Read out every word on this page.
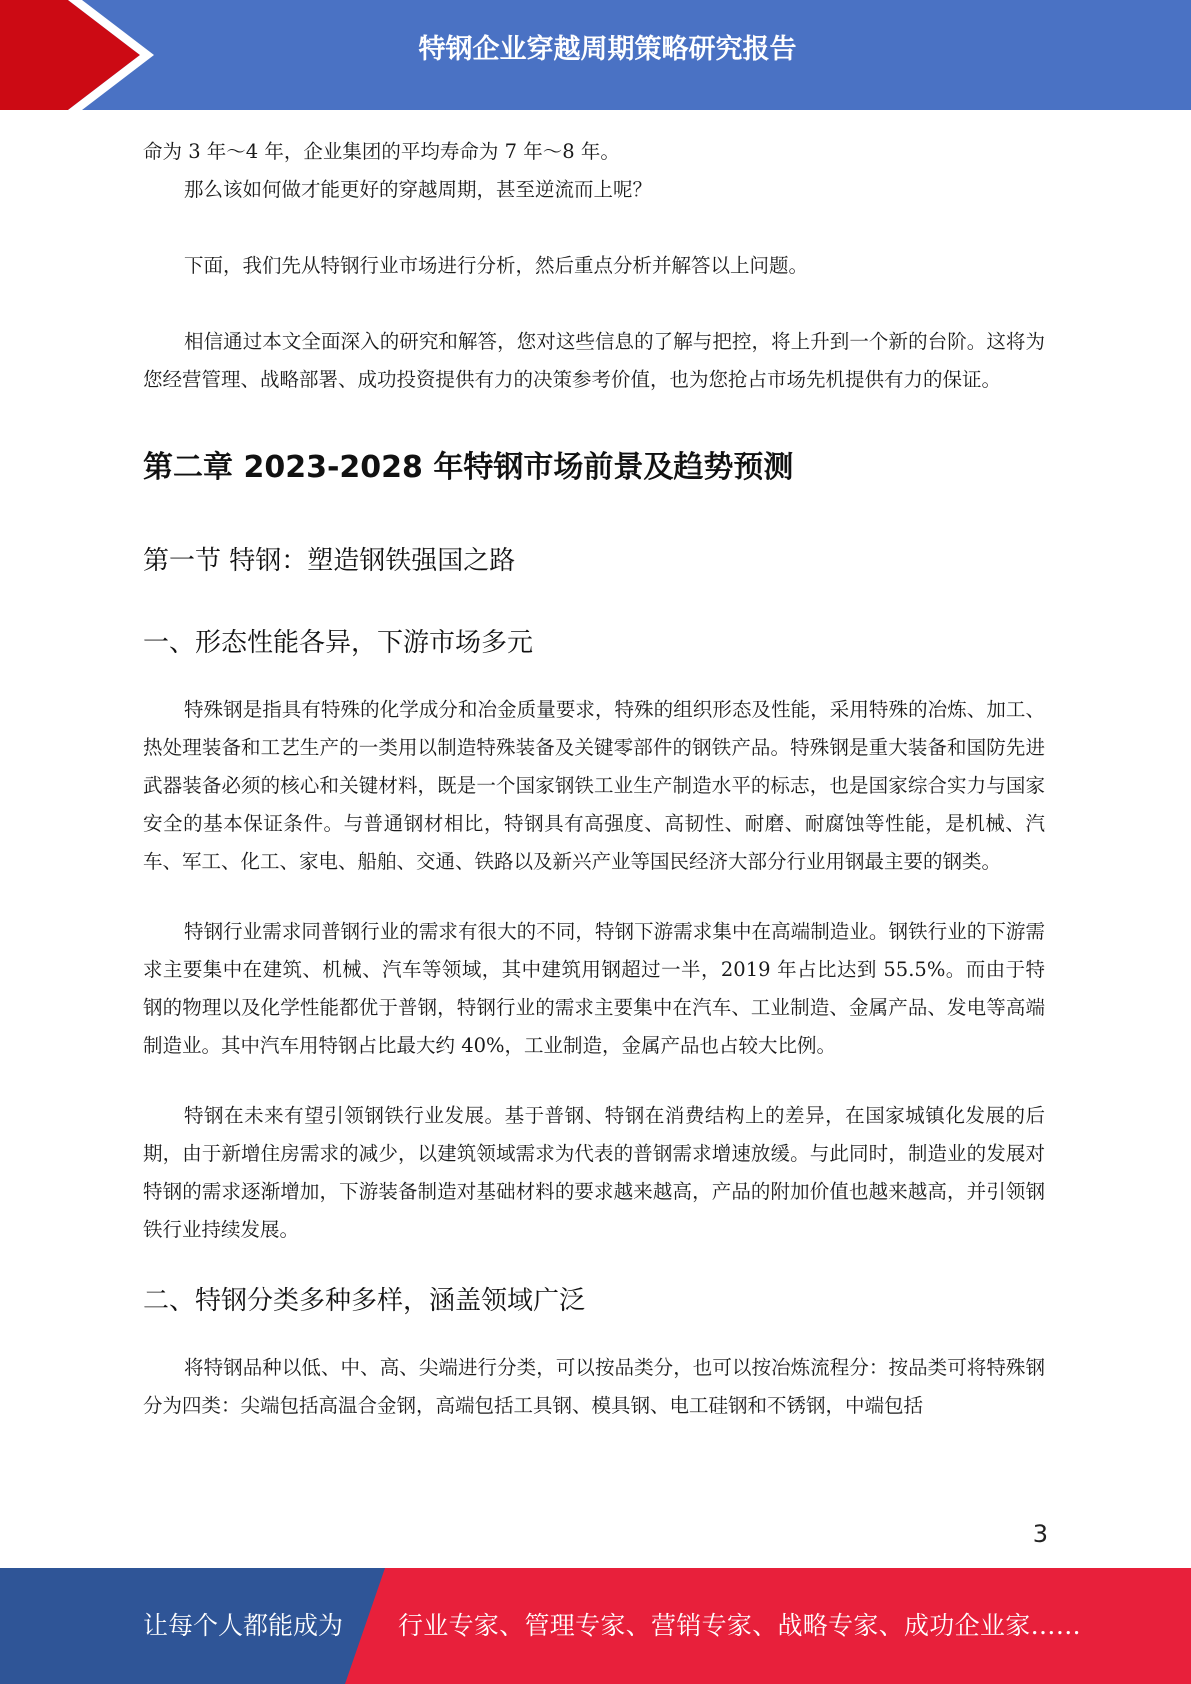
特钢企业穿越周期策略研究报告

命为 3 年～4 年，企业集团的平均寿命为 7 年～8 年。

那么该如何做才能更好的穿越周期，甚至逆流而上呢？

下面，我们先从特钢行业市场进行分析，然后重点分析并解答以上问题。

相信通过本文全面深入的研究和解答，您对这些信息的了解与把控，将上升到一个新的台阶。这将为您经营管理、战略部署、成功投资提供有力的决策参考价值，也为您抢占市场先机提供有力的保证。

第二章 2023-2028 年特钢市场前景及趋势预测
第一节 特钢：塑造钢铁强国之路
一、形态性能各异，下游市场多元

特殊钢是指具有特殊的化学成分和冶金质量要求，特殊的组织形态及性能，采用特殊的冶炼、加工、热处理装备和工艺生产的一类用以制造特殊装备及关键零部件的钢铁产品。特殊钢是重大装备和国防先进武器装备必须的核心和关键材料，既是一个国家钢铁工业生产制造水平的标志，也是国家综合实力与国家安全的基本保证条件。与普通钢材相比，特钢具有高强度、高韧性、耐磨、耐腐蚀等性能，是机械、汽车、军工、化工、家电、船舶、交通、铁路以及新兴产业等国民经济大部分行业用钢最主要的钢类。

特钢行业需求同普钢行业的需求有很大的不同，特钢下游需求集中在高端制造业。钢铁行业的下游需求主要集中在建筑、机械、汽车等领域，其中建筑用钢超过一半，2019 年占比达到 55.5%。而由于特钢的物理以及化学性能都优于普钢，特钢行业的需求主要集中在汽车、工业制造、金属产品、发电等高端制造业。其中汽车用特钢占比最大约 40%，工业制造，金属产品也占较大比例。

特钢在未来有望引领钢铁行业发展。基于普钢、特钢在消费结构上的差异，在国家城镇化发展的后期，由于新增住房需求的减少，以建筑领域需求为代表的普钢需求增速放缓。与此同时，制造业的发展对特钢的需求逐渐增加，下游装备制造对基础材料的要求越来越高，产品的附加价值也越来越高，并引领钢铁行业持续发展。

二、特钢分类多种多样，涵盖领域广泛

将特钢品种以低、中、高、尖端进行分类，可以按品类分，也可以按冶炼流程分：按品类可将特殊钢分为四类：尖端包括高温合金钢，高端包括工具钢、模具钢、电工硅钢和不锈钢，中端包括

3
让每个人都能成为 行业专家、管理专家、营销专家、战略专家、成功企业家……
